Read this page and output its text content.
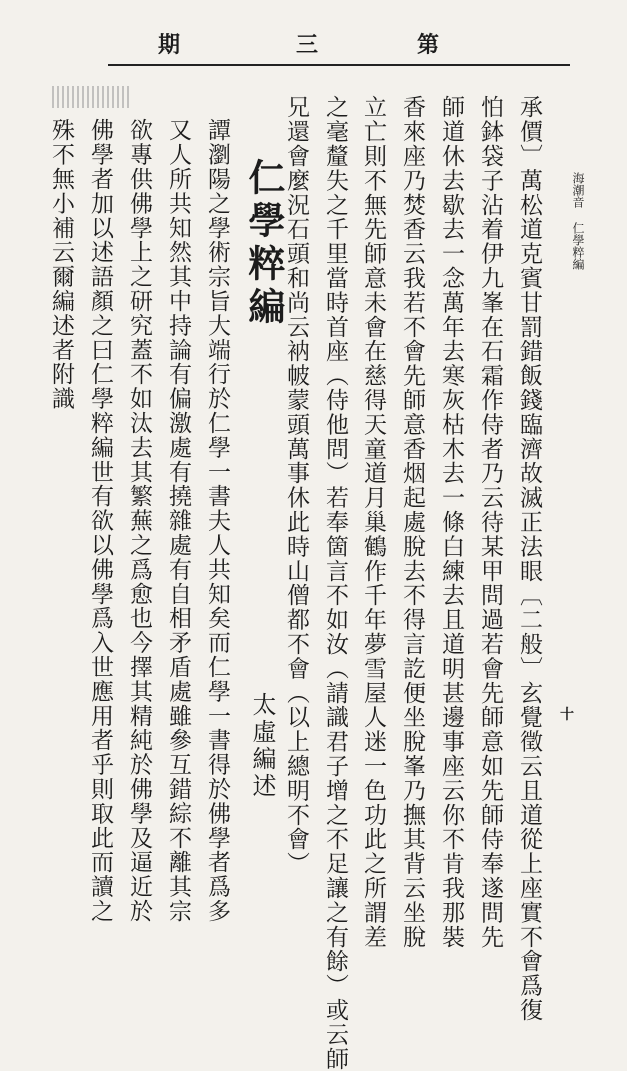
期	三	第
海潮音 仁學粹編
十
承價〕萬松道克賓甘罰錯飯錢臨濟故滅正法眼〔二般〕玄覺徵云且道從上座實不會爲復
怕鉢袋子沾着伊九峯在石霜作侍者乃云待某甲問過若會先師意如先師侍奉遂問先
師道休去歇去一念萬年去寒灰枯木去一條白練去且道明甚邊事座云你不肯我那裝
香來座乃焚香云我若不會先師意香烟起處脫去不得言訖便坐脫峯乃撫其背云坐脫
立亡則不無先師意未會在慈得天童道月巢鶴作千年夢雪屋人迷一色功此之所謂差
之毫釐失之千里當時首座（侍他問）若奉箇言不如汝（請識君子增之不足讓之有餘）或云師
兄還會麼況石頭和尚云衲帔蒙頭萬事休此時山僧都不會（以上總明不會）
仁學粹編
太虛編述
譚瀏陽之學術宗旨大端行於仁學一書夫人共知矣而仁學一書得於佛學者爲多
又人所共知然其中持論有偏激處有撓雜處有自相矛盾處雖參互錯綜不離其宗
欲專供佛學上之研究蓋不如汰去其繁蕪之爲愈也今擇其精純於佛學及逼近於
佛學者加以述語顏之曰仁學粹編世有欲以佛學爲入世應用者乎則取此而讀之
殊不無小補云爾編述者附識
